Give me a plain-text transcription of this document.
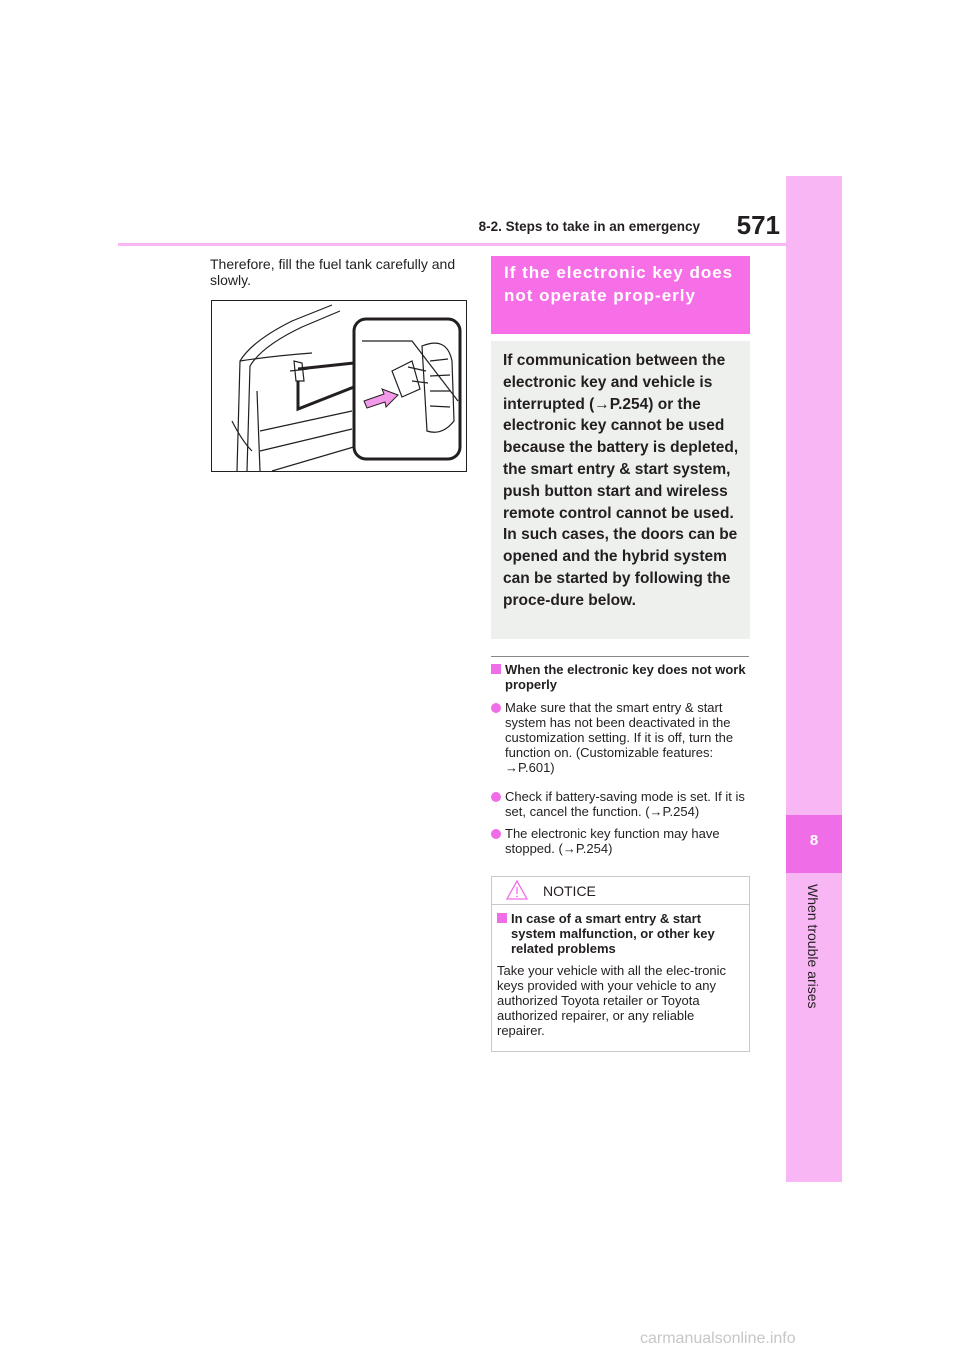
8
When trouble arises
8-2. Steps to take in an emergency	571
Therefore, fill the fuel tank carefully and slowly.	If the electronic key does not operate prop-erly
If communication between the electronic key and vehicle is interrupted (→P.254) or the electronic key cannot be used because the battery is depleted, the smart entry & start system, push button start and wireless remote control cannot be used. In such cases, the doors can be opened and the hybrid system can be started by following the proce-dure below.
When the electronic key does not work properly
Make sure that the smart entry & start system has not been deactivated in the customization setting. If it is off, turn the function on. (Customizable features: →P.601)
Check if battery-saving mode is set. If it is set, cancel the function. (→P.254)
The electronic key function may have stopped. (→P.254)
NOTICE
In case of a smart entry & start system malfunction, or other key related problems
Take your vehicle with all the elec-tronic keys provided with your vehicle to any authorized Toyota retailer or Toyota authorized repairer, or any reliable repairer.
carmanualsonline.info
